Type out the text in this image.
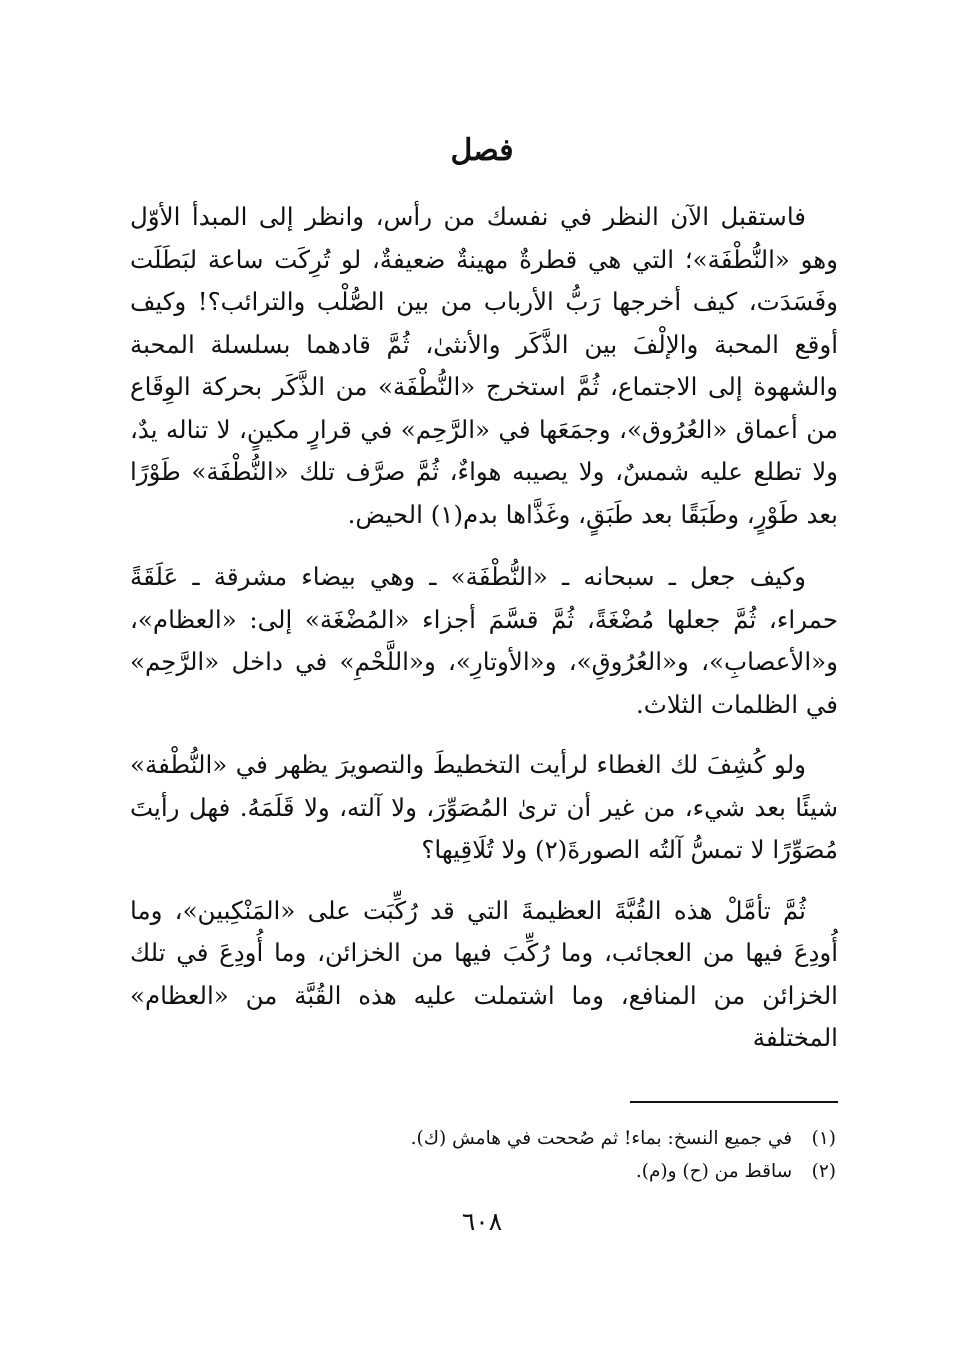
فصل

فاستقبل الآن النظر في نفسك من رأس، وانظر إلى المبدأ الأوّل وهو «النُّطْفَة»؛ التي هي قطرةٌ مهينةٌ ضعيفةٌ، لو تُرِكَت ساعة لبَطَلَت وفَسَدَت، كيف أخرجها رَبُّ الأرباب من بين الصُّلْب والترائب؟! وكيف أوقع المحبة والإلْفَ بين الذَّكَر والأنثىٰ، ثُمَّ قادهما بسلسلة المحبة والشهوة إلى الاجتماع، ثُمَّ استخرج «النُّطْفَة» من الذَّكَر بحركة الوِقَاع من أعماق «العُرُوق»، وجمَعَها في «الرَّحِم» في قرارٍ مكينٍ، لا تناله يدٌ، ولا تطلع عليه شمسٌ، ولا يصيبه هواءٌ، ثُمَّ صرَّف تلك «النُّطْفَة» طَوْرًا بعد طَوْرٍ، وطَبَقًا بعد طَبَقٍ، وغَذَّاها بدم(١) الحيض.

وكيف جعل ـ سبحانه ـ «النُّطْفَة» ـ وهي بيضاء مشرقة ـ عَلَقَةً حمراء، ثُمَّ جعلها مُضْغَةً، ثُمَّ قسَّمَ أجزاء «المُضْغَة» إلى: «العظام»، و«الأعصابِ»، و«العُرُوقِ»، و«الأوتارِ»، و«اللَّحْمِ» في داخل «الرَّحِم» في الظلمات الثلاث.

ولو كُشِفَ لك الغطاء لرأيت التخطيطَ والتصويرَ يظهر في «النُّطْفة» شيئًا بعد شيء، من غير أن ترىٰ المُصَوِّرَ، ولا آلته، ولا قَلَمَهُ. فهل رأيتَ مُصَوِّرًا لا تمسُّ آلتُه الصورةَ(٢) ولا تُلَاقِيها؟

ثُمَّ تأمَّلْ هذه القُبَّةَ العظيمةَ التي قد رُكِّبَت على «المَنْكِبين»، وما أُودِعَ فيها من العجائب، وما رُكِّبَ فيها من الخزائن، وما أُودِعَ في تلك الخزائن من المنافع، وما اشتملت عليه هذه القُبَّة من «العظام» المختلفة

(١) في جميع النسخ: بماء! ثم صُححت في هامش (ك).
(٢) ساقط من (ح) و(م).
٦٠٨
